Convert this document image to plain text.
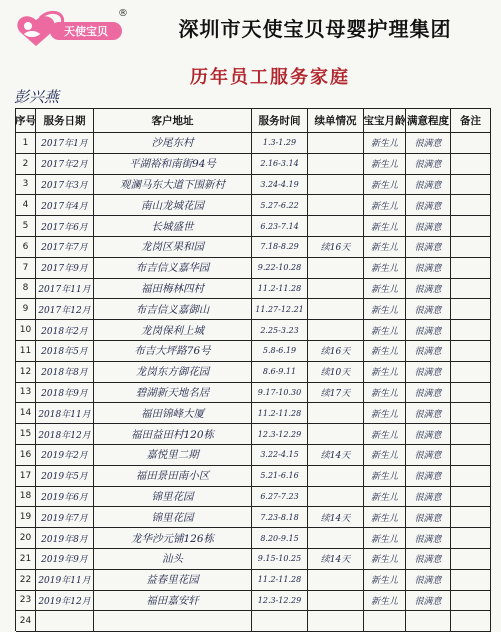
天使宝贝
®
深圳市天使宝贝母婴护理集团
历年员工服务家庭
彭兴燕
序号 服务日期	客户地址	服务时间	续单情况 宝宝月龄 满意程度	备注
1 2017年1月	沙尾东村	1.3-1.29	新生儿 很满意
2 2017年2月	平湖裕和南街94号	2.16-3.14	新生儿 很满意
3 2017年3月	观澜马东大道下围新村	3.24-4.19	新生儿 很满意
4 2017年4月	南山龙城花园	5.27-6.22	新生儿 很满意
5 2017年6月	长城盛世	6.23-7.14	新生儿 很满意
6 2017年7月	龙岗区果和园	7.18-8.29 续16天 新生儿 很满意
7 2017年9月	布吉信义嘉华园	9.22-10.28	新生儿 很满意
8 2017年11月	福田梅林四村	11.2-11.28	新生儿 很满意
9 2017年12月	布吉信义嘉御山	11.27-12.21	新生儿 很满意
10 2018年2月	龙岗保利上城	2.25-3.23	新生儿 很满意
11 2018年5月	布吉大坪路76号	5.8-6.19	续16天 新生儿 很满意
12 2018年8月	龙岗东方御花园	8.6-9.11	续10天 新生儿 很满意
13 2018年9月	碧湖新天地名居	9.17-10.30 续17天 新生儿 很满意
14 2018年11月	福田锦峰大厦	11.2-11.28	新生儿 很满意
15 2018年12月	福田益田村120栋	12.3-12.29	新生儿 很满意
16 2019年2月	嘉悦里二期	3.22-4.15 续14天 新生儿 很满意
17 2019年5月	福田景田南小区	5.21-6.16	新生儿 很满意
18 2019年6月	锦里花园	6.27-7.23	新生儿 很满意
19 2019年7月	锦里花园	7.23-8.18 续14天 新生儿 很满意
20 2019年8月	龙华沙元铺126栋	8.20-9.15	新生儿 很满意
21 2019年9月	汕头	9.15-10.25 续14天 新生儿 很满意
22 2019年11月	益春里花园	11.2-11.28	新生儿 很满意
23 2019年12月	福田嘉安轩	12.3-12.29	新生儿 很满意
24
